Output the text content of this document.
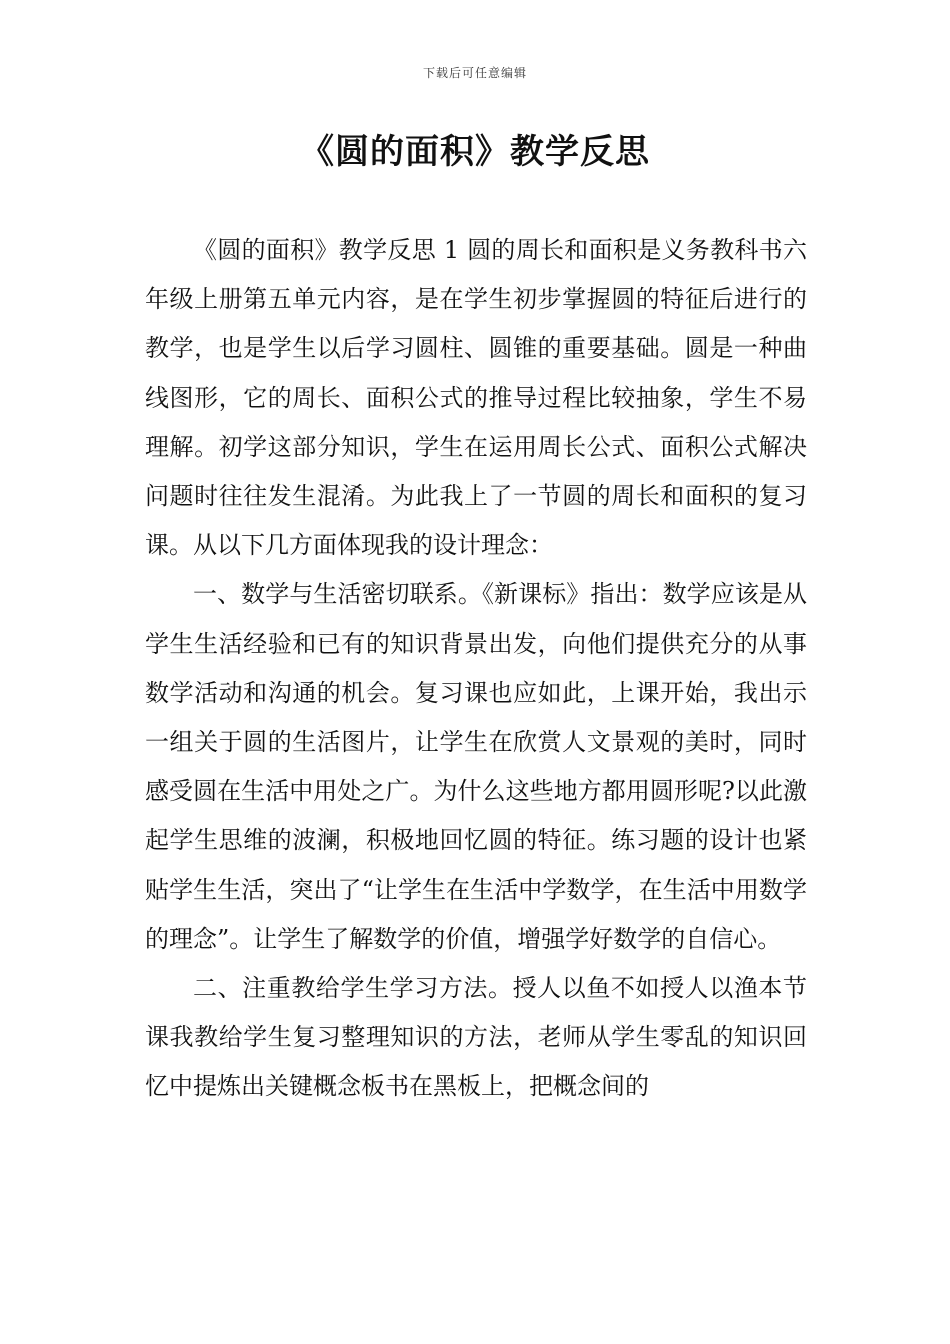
下载后可任意编辑
《圆的面积》教学反思

《圆的面积》教学反思 1 圆的周长和面积是义务教科书六年级上册第五单元内容，是在学生初步掌握圆的特征后进行的教学，也是学生以后学习圆柱、圆锥的重要基础。圆是一种曲线图形，它的周长、面积公式的推导过程比较抽象，学生不易理解。初学这部分知识，学生在运用周长公式、面积公式解决问题时往往发生混淆。为此我上了一节圆的周长和面积的复习课。从以下几方面体现我的设计理念：

一、数学与生活密切联系。《新课标》指出：数学应该是从学生生活经验和已有的知识背景出发，向他们提供充分的从事数学活动和沟通的机会。复习课也应如此，上课开始，我出示一组关于圆的生活图片，让学生在欣赏人文景观的美时，同时感受圆在生活中用处之广。为什么这些地方都用圆形呢?以此激起学生思维的波澜，积极地回忆圆的特征。练习题的设计也紧贴学生生活，突出了“让学生在生活中学数学，在生活中用数学的理念”。让学生了解数学的价值，增强学好数学的自信心。

二、注重教给学生学习方法。授人以鱼不如授人以渔本节课我教给学生复习整理知识的方法，老师从学生零乱的知识回忆中提炼出关键概念板书在黑板上，把概念间的
